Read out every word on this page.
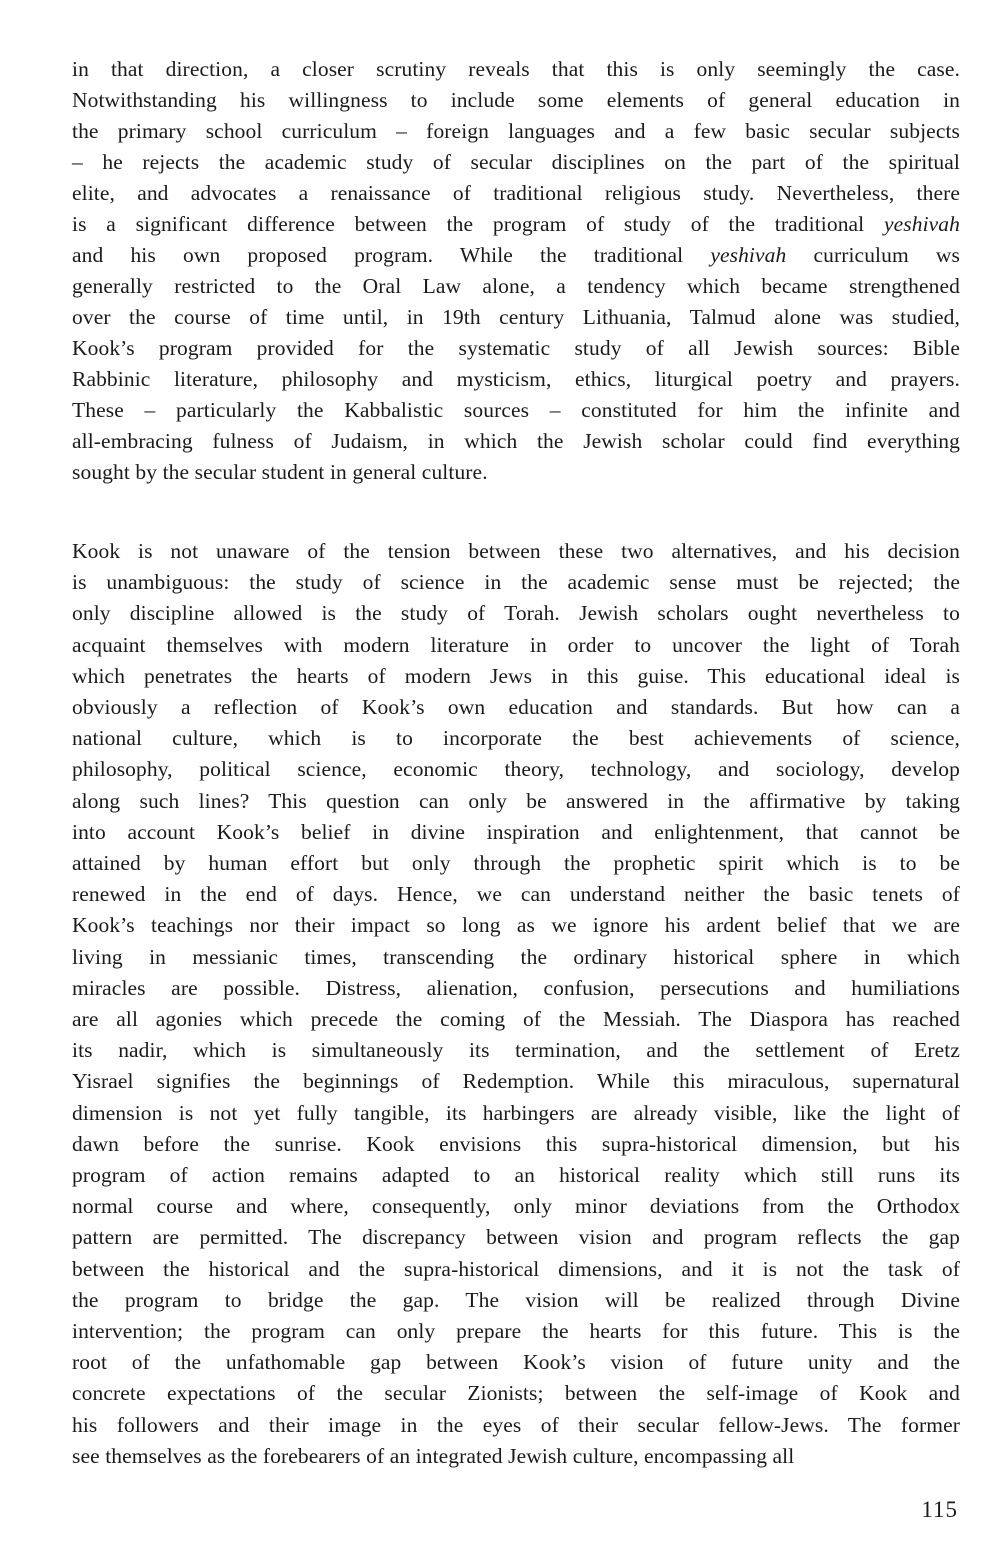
in that direction, a closer scrutiny reveals that this is only seemingly the case.
Notwithstanding his willingness to include some elements of general education in
the primary school curriculum – foreign languages and a few basic secular subjects
– he rejects the academic study of secular disciplines on the part of the spiritual
elite, and advocates a renaissance of traditional religious study. Nevertheless, there
is a significant difference between the program of study of the traditional yeshivah
and his own proposed program. While the traditional yeshivah curriculum ws
generally restricted to the Oral Law alone, a tendency which became strengthened
over the course of time until, in 19th century Lithuania, Talmud alone was studied,
Kook’s program provided for the systematic study of all Jewish sources: Bible
Rabbinic literature, philosophy and mysticism, ethics, liturgical poetry and prayers.
These – particularly the Kabbalistic sources – constituted for him the infinite and
all-embracing fulness of Judaism, in which the Jewish scholar could find everything
sought by the secular student in general culture.

Kook is not unaware of the tension between these two alternatives, and his decision
is unambiguous: the study of science in the academic sense must be rejected; the
only discipline allowed is the study of Torah. Jewish scholars ought nevertheless to
acquaint themselves with modern literature in order to uncover the light of Torah
which penetrates the hearts of modern Jews in this guise. This educational ideal is
obviously a reflection of Kook’s own education and standards. But how can a
national culture, which is to incorporate the best achievements of science,
philosophy, political science, economic theory, technology, and sociology, develop
along such lines? This question can only be answered in the affirmative by taking
into account Kook’s belief in divine inspiration and enlightenment, that cannot be
attained by human effort but only through the prophetic spirit which is to be
renewed in the end of days. Hence, we can understand neither the basic tenets of
Kook’s teachings nor their impact so long as we ignore his ardent belief that we are
living in messianic times, transcending the ordinary historical sphere in which
miracles are possible. Distress, alienation, confusion, persecutions and humiliations
are all agonies which precede the coming of the Messiah. The Diaspora has reached
its nadir, which is simultaneously its termination, and the settlement of Eretz
Yisrael signifies the beginnings of Redemption. While this miraculous, supernatural
dimension is not yet fully tangible, its harbingers are already visible, like the light of
dawn before the sunrise. Kook envisions this supra-historical dimension, but his
program of action remains adapted to an historical reality which still runs its
normal course and where, consequently, only minor deviations from the Orthodox
pattern are permitted. The discrepancy between vision and program reflects the gap
between the historical and the supra-historical dimensions, and it is not the task of
the program to bridge the gap. The vision will be realized through Divine
intervention; the program can only prepare the hearts for this future. This is the
root of the unfathomable gap between Kook’s vision of future unity and the
concrete expectations of the secular Zionists; between the self-image of Kook and
his followers and their image in the eyes of their secular fellow-Jews. The former
see themselves as the forebearers of an integrated Jewish culture, encompassing all

115
